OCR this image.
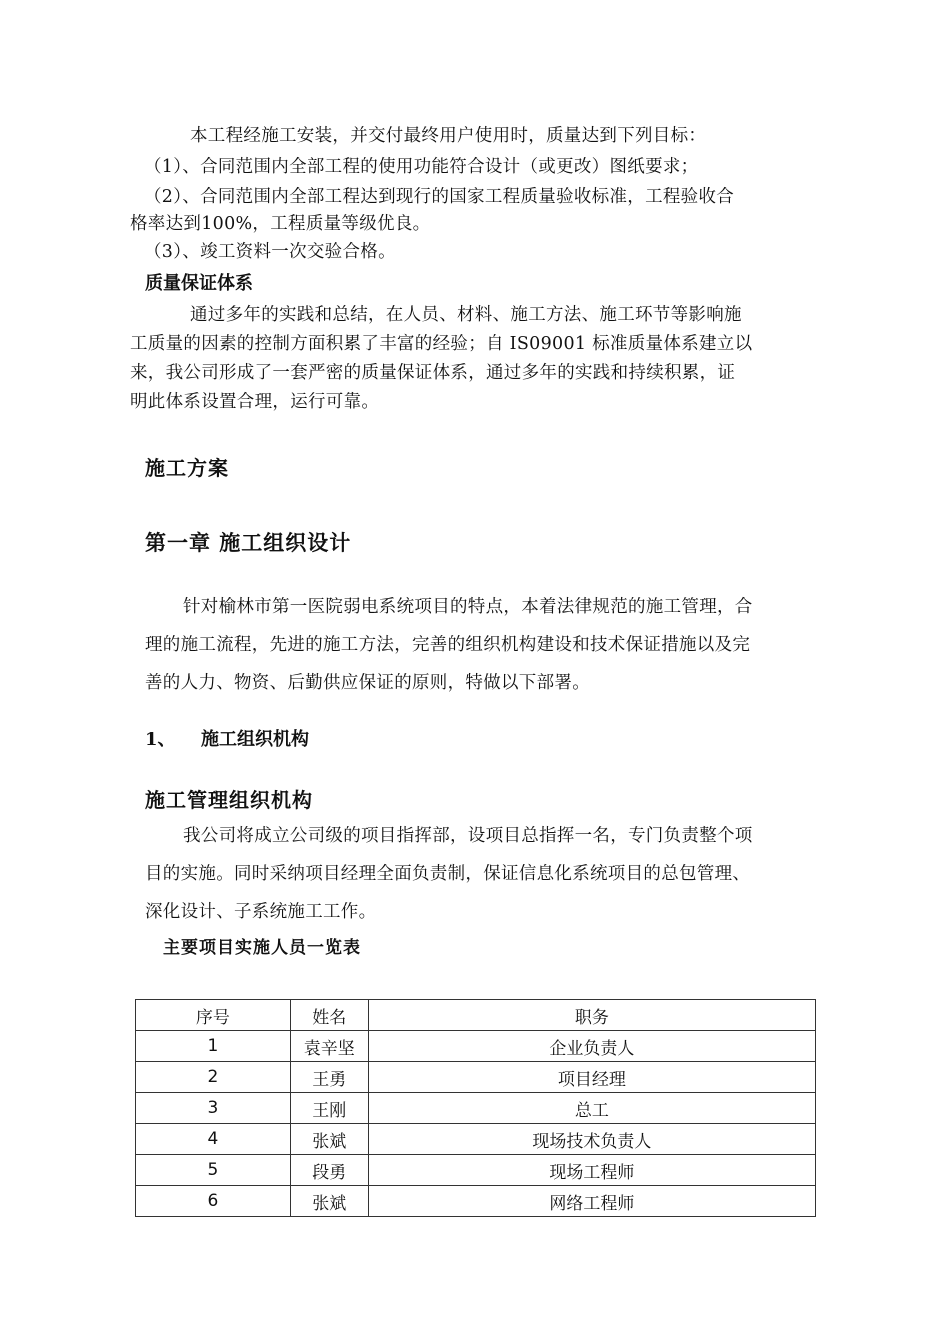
本工程经施工安装，并交付最终用户使用时，质量达到下列目标：
（1）、合同范围内全部工程的使用功能符合设计（或更改）图纸要求；
（2）、合同范围内全部工程达到现行的国家工程质量验收标准，工程验收合
格率达到100%，工程质量等级优良。
（3）、竣工资料一次交验合格。
质量保证体系
通过多年的实践和总结，在人员、材料、施工方法、施工环节等影响施
工质量的因素的控制方面积累了丰富的经验；自 IS09001 标准质量体系建立以
来，我公司形成了一套严密的质量保证体系，通过多年的实践和持续积累，证
明此体系设置合理，运行可靠。
施工方案
第一章 施工组织设计
针对榆林市第一医院弱电系统项目的特点，本着法律规范的施工管理，合
理的施工流程，先进的施工方法，完善的组织机构建设和技术保证措施以及完
善的人力、物资、后勤供应保证的原则，特做以下部署。
1、 施工组织机构
施工管理组织机构
我公司将成立公司级的项目指挥部，设项目总指挥一名，专门负责整个项
目的实施。同时采纳项目经理全面负责制，保证信息化系统项目的总包管理、
深化设计、子系统施工工作。
主要项目实施人员一览表
序号	姓名	职务
1	袁辛坚	企业负责人
2	王勇	项目经理
3	王刚	总工
4	张斌	现场技术负责人
5	段勇	现场工程师
6	张斌	网络工程师
